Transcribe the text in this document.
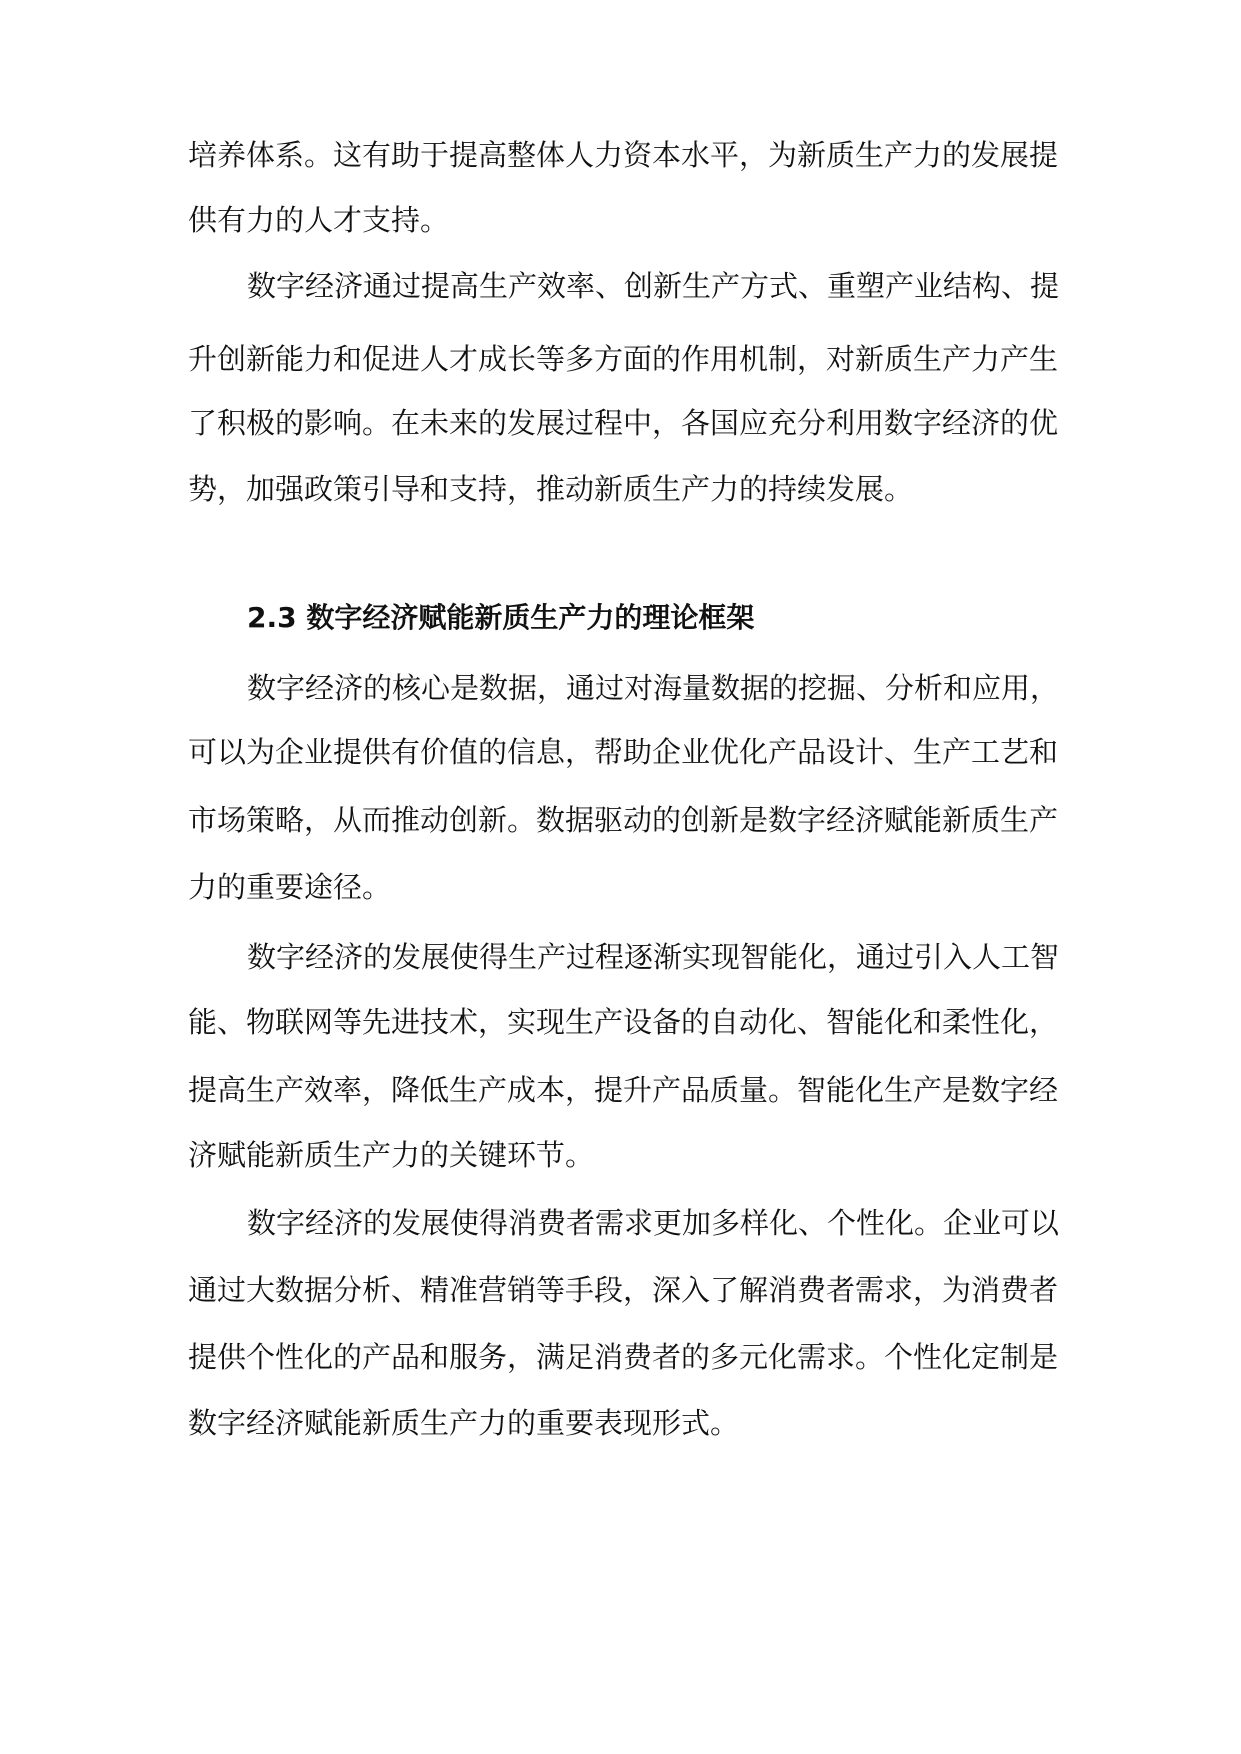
培养体系。这有助于提高整体人力资本水平，为新质生产力的发展提
供有力的人才支持。
数字经济通过提高生产效率、创新生产方式、重塑产业结构、提
升创新能力和促进人才成长等多方面的作用机制，对新质生产力产生
了积极的影响。在未来的发展过程中，各国应充分利用数字经济的优
势，加强政策引导和支持，推动新质生产力的持续发展。
2.3 数字经济赋能新质生产力的理论框架
数字经济的核心是数据，通过对海量数据的挖掘、分析和应用，
可以为企业提供有价值的信息，帮助企业优化产品设计、生产工艺和
市场策略，从而推动创新。数据驱动的创新是数字经济赋能新质生产
力的重要途径。
数字经济的发展使得生产过程逐渐实现智能化，通过引入人工智
能、物联网等先进技术，实现生产设备的自动化、智能化和柔性化，
提高生产效率，降低生产成本，提升产品质量。智能化生产是数字经
济赋能新质生产力的关键环节。
数字经济的发展使得消费者需求更加多样化、个性化。企业可以
通过大数据分析、精准营销等手段，深入了解消费者需求，为消费者
提供个性化的产品和服务，满足消费者的多元化需求。个性化定制是
数字经济赋能新质生产力的重要表现形式。
